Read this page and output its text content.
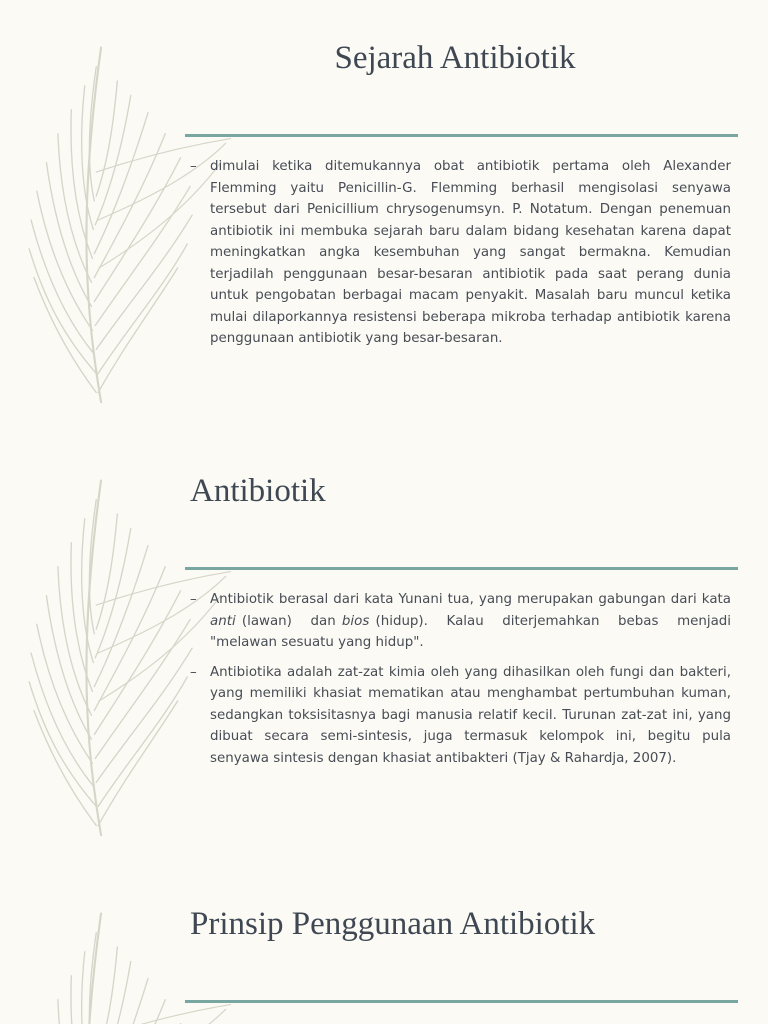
Sejarah Antibiotik
– dimulai ketika ditemukannya obat antibiotik pertama oleh Alexander Flemming yaitu Penicillin-G. Flemming berhasil mengisolasi senyawa tersebut dari Penicillium chrysogenumsyn. P. Notatum. Dengan penemuan antibiotik ini membuka sejarah baru dalam bidang kesehatan karena dapat meningkatkan angka kesembuhan yang sangat bermakna. Kemudian terjadilah penggunaan besar-besaran antibiotik pada saat perang dunia untuk pengobatan berbagai macam penyakit. Masalah baru muncul ketika mulai dilaporkannya resistensi beberapa mikroba terhadap antibiotik karena penggunaan antibiotik yang besar-besaran.
Antibiotik
– Antibiotik berasal dari kata Yunani tua, yang merupakan gabungan dari kata anti (lawan)   dan bios (hidup).   Kalau   diterjemahkan   bebas   menjadi "melawan sesuatu yang hidup".
– Antibiotika adalah zat-zat kimia oleh yang dihasilkan oleh fungi dan bakteri, yang memiliki khasiat mematikan atau menghambat pertumbuhan kuman, sedangkan toksisitasnya bagi manusia relatif kecil. Turunan zat-zat ini, yang dibuat secara semi-sintesis, juga termasuk kelompok ini, begitu pula senyawa sintesis dengan khasiat antibakteri (Tjay & Rahardja, 2007).
Prinsip Penggunaan Antibiotik
